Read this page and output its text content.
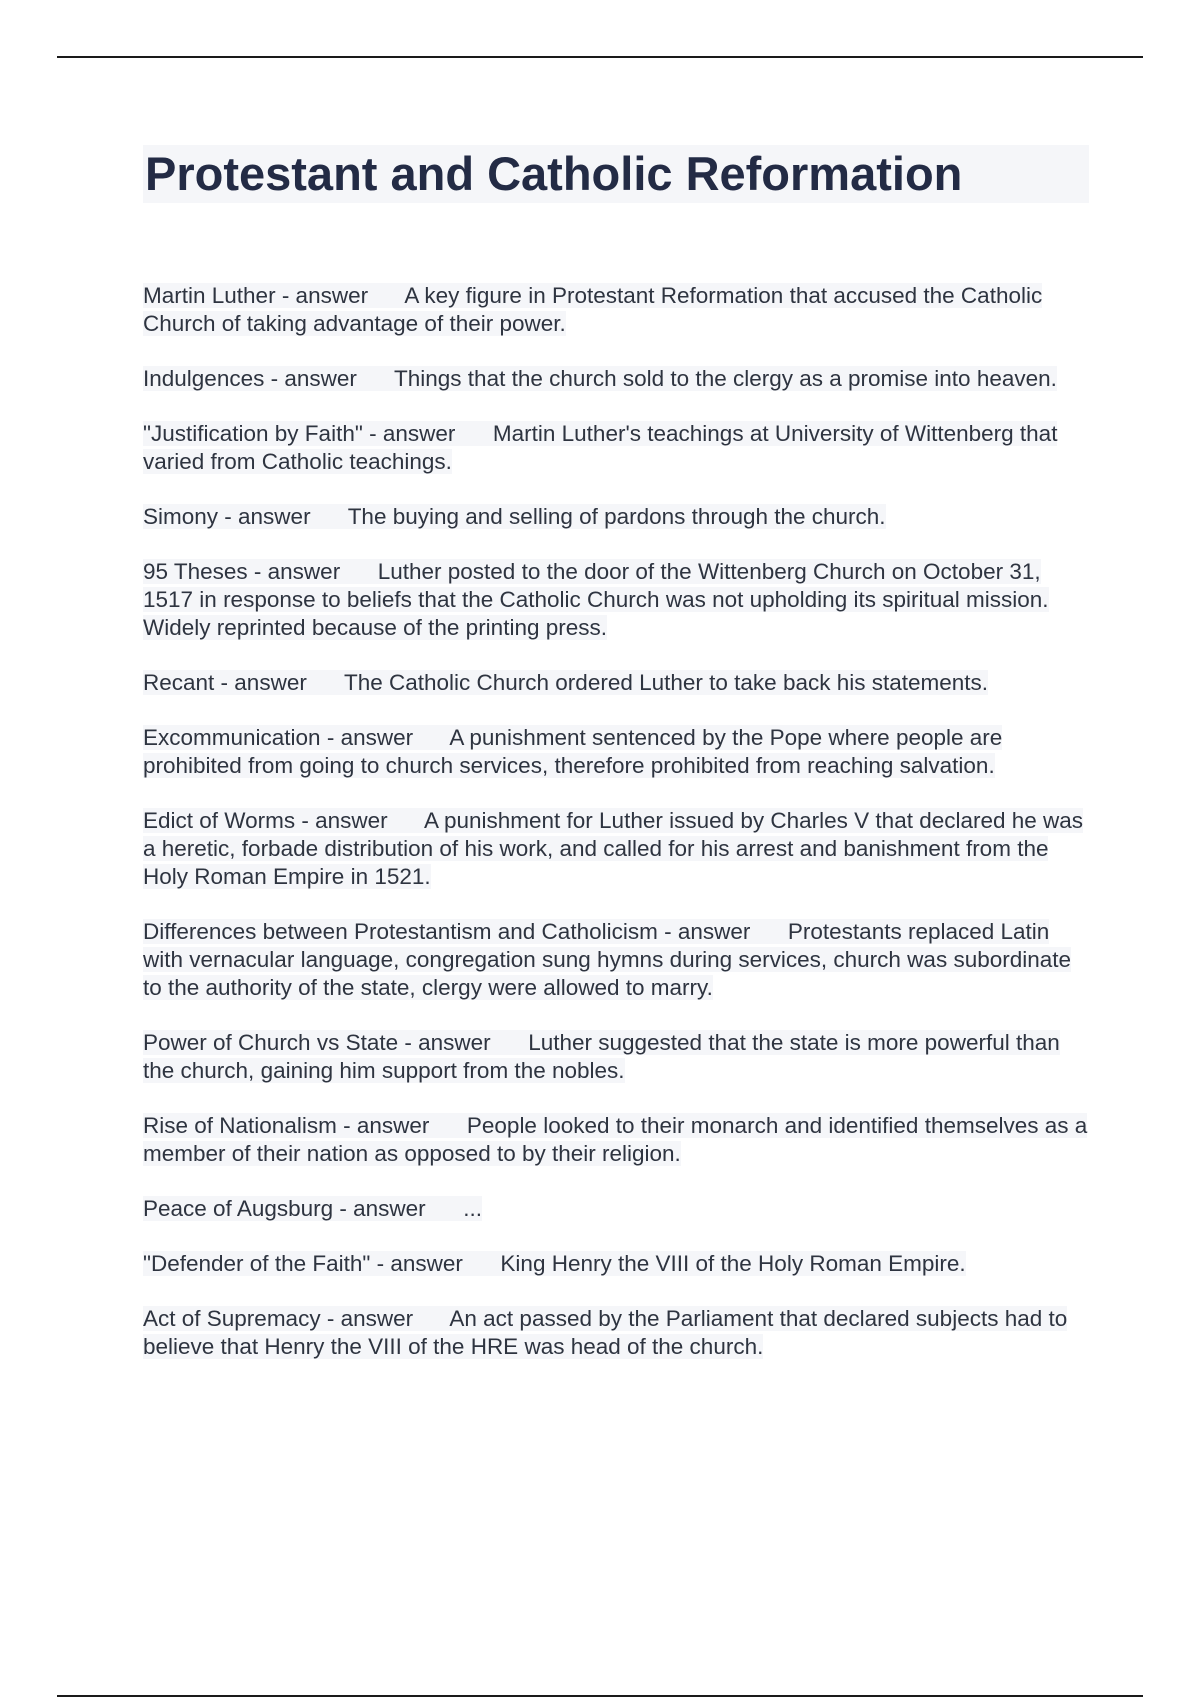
Protestant and Catholic Reformation

Martin Luther - answer      A key figure in Protestant Reformation that accused the Catholic Church of taking advantage of their power.

Indulgences - answer      Things that the church sold to the clergy as a promise into heaven.

"Justification by Faith" - answer      Martin Luther's teachings at University of Wittenberg that varied from Catholic teachings.

Simony - answer      The buying and selling of pardons through the church.

95 Theses - answer      Luther posted to the door of the Wittenberg Church on October 31, 1517 in response to beliefs that the Catholic Church was not upholding its spiritual mission. Widely reprinted because of the printing press.

Recant - answer      The Catholic Church ordered Luther to take back his statements.

Excommunication - answer      A punishment sentenced by the Pope where people are prohibited from going to church services, therefore prohibited from reaching salvation.

Edict of Worms - answer      A punishment for Luther issued by Charles V that declared he was a heretic, forbade distribution of his work, and called for his arrest and banishment from the Holy Roman Empire in 1521.

Differences between Protestantism and Catholicism - answer      Protestants replaced Latin with vernacular language, congregation sung hymns during services, church was subordinate to the authority of the state, clergy were allowed to marry.

Power of Church vs State - answer      Luther suggested that the state is more powerful than the church, gaining him support from the nobles.

Rise of Nationalism - answer      People looked to their monarch and identified themselves as a member of their nation as opposed to by their religion.

Peace of Augsburg - answer      ...

"Defender of the Faith" - answer      King Henry the VIII of the Holy Roman Empire.

Act of Supremacy - answer      An act passed by the Parliament that declared subjects had to believe that Henry the VIII of the HRE was head of the church.
